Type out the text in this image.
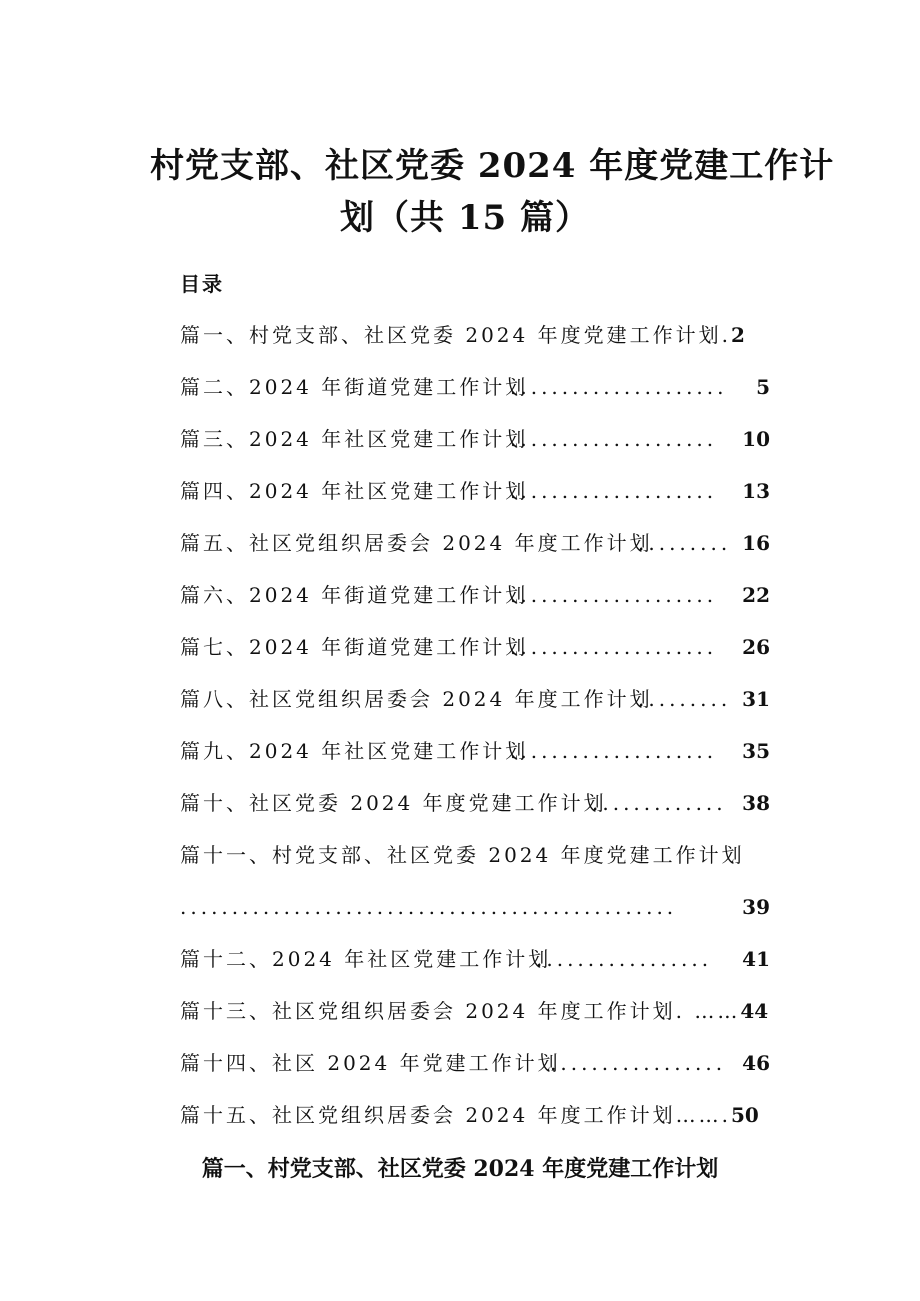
村党支部、社区党委 2024 年度党建工作计
划（共 15 篇）
目录
篇一、村党支部、社区党委 2024 年度党建工作计划.2
篇二、2024 年街道党建工作计划
..................... 5
篇三、2024 年社区党建工作计划
.................... 10
篇四、2024 年社区党建工作计划
.................... 13
篇五、社区党组织居委会 2024 年度工作计划
......... 16
篇六、2024 年街道党建工作计划
.................... 22
篇七、2024 年街道党建工作计划
.................... 26
篇八、社区党组织居委会 2024 年度工作计划
......... 31
篇九、2024 年社区党建工作计划
.................... 35
篇十、社区党委 2024 年度党建工作计划
............. 38
篇十一、村党支部、社区党委 2024 年度党建工作计划
................................................	39
篇十二、2024 年社区党建工作计划
................. 41
篇十三、社区党组织居委会 2024 年度工作计划. ……44
篇十四、社区 2024 年党建工作计划
................. 46
篇十五、社区党组织居委会 2024 年度工作计划…….50
篇一、村党支部、社区党委 2024 年度党建工作计划
